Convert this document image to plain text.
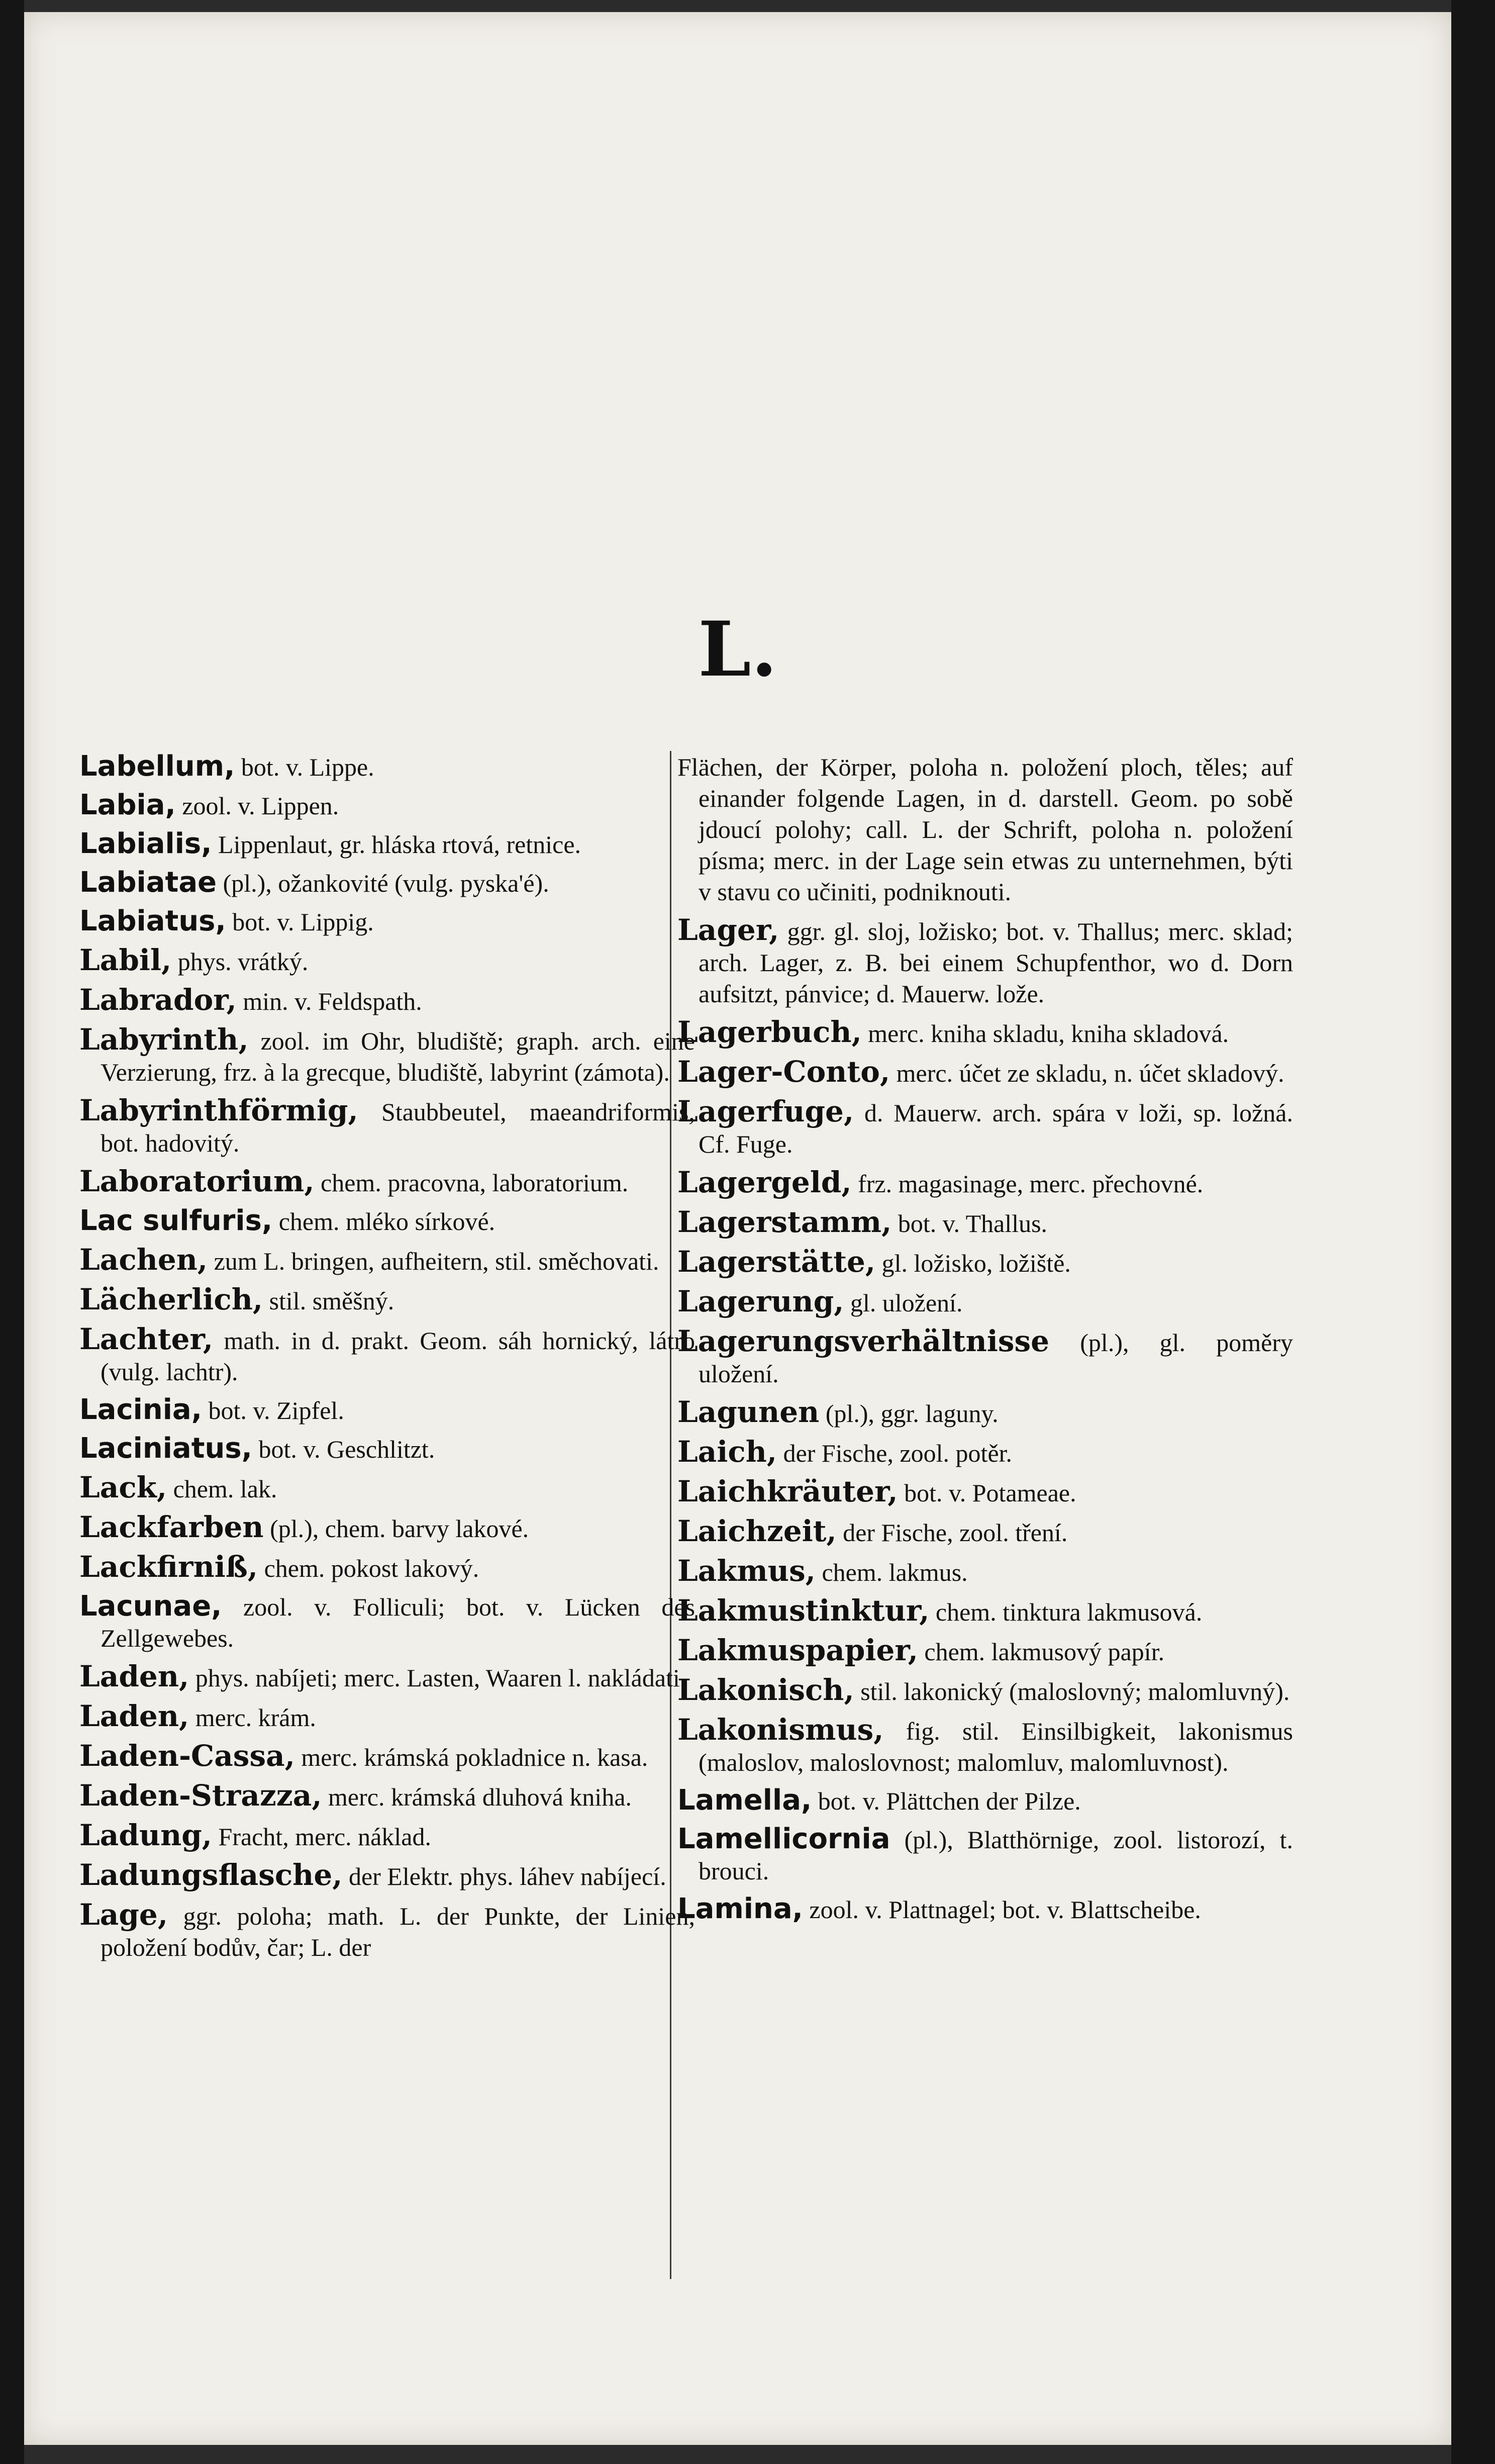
L.
Labellum, bot. v. Lippe.
Labia, zool. v. Lippen.
Labialis, Lippenlaut, gr. hláska rtová, retnice.
Labiatae (pl.), ožankovité (vulg. pyska'é).
Labiatus, bot. v. Lippig.
Labil, phys. vrátký.
Labrador, min. v. Feldspath.
Labyrinth, zool. im Ohr, bludiště; graph. arch. eine Verzierung, frz. à la grecque, bludiště, labyrint (zámota).
Labyrinthförmig, Staubbeutel, maeandriformis, bot. hadovitý.
Laboratorium, chem. pracovna, laboratorium.
Lac sulfuris, chem. mléko sírkové.
Lachen, zum L. bringen, aufheitern, stil. směchovati.
Lächerlich, stil. směšný.
Lachter, math. in d. prakt. Geom. sáh hornický, látro (vulg. lachtr).
Lacinia, bot. v. Zipfel.
Laciniatus, bot. v. Geschlitzt.
Lack, chem. lak.
Lackfarben (pl.), chem. barvy lakové.
Lackfirniß, chem. pokost lakový.
Lacunae, zool. v. Folliculi; bot. v. Lücken des Zellgewebes.
Laden, phys. nabíjeti; merc. Lasten, Waaren l. nakládati.
Laden, merc. krám.
Laden-Cassa, merc. krámská pokladnice n. kasa.
Laden-Strazza, merc. krámská dluhová kniha.
Ladung, Fracht, merc. náklad.
Ladungsflasche, der Elektr. phys. láhev nabíjecí.
Lage, ggr. poloha; math. L. der Punkte, der Linien, položení bodův, čar; L. der
Flächen, der Körper, poloha n. položení ploch, těles; auf einander folgende Lagen, in d. darstell. Geom. po sobě jdoucí polohy; call. L. der Schrift, poloha n. položení písma; merc. in der Lage sein etwas zu unternehmen, býti v stavu co učiniti, podniknouti.
Lager, ggr. gl. sloj, ložisko; bot. v. Thallus; merc. sklad; arch. Lager, z. B. bei einem Schupfenthor, wo d. Dorn aufsitzt, pánvice; d. Mauerw. lože.
Lagerbuch, merc. kniha skladu, kniha skladová.
Lager-Conto, merc. účet ze skladu, n. účet skladový.
Lagerfuge, d. Mauerw. arch. spára v loži, sp. ložná. Cf. Fuge.
Lagergeld, frz. magasinage, merc. přechovné.
Lagerstamm, bot. v. Thallus.
Lagerstätte, gl. ložisko, ložiště.
Lagerung, gl. uložení.
Lagerungsverhältnisse (pl.), gl. poměry uložení.
Lagunen (pl.), ggr. laguny.
Laich, der Fische, zool. potěr.
Laichkräuter, bot. v. Potameae.
Laichzeit, der Fische, zool. tření.
Lakmus, chem. lakmus.
Lakmustinktur, chem. tinktura lakmusová.
Lakmuspapier, chem. lakmusový papír.
Lakonisch, stil. lakonický (maloslovný; malomluvný).
Lakonismus, fig. stil. Einsilbigkeit, lakonismus (maloslov, maloslovnost; malomluv, malomluvnost).
Lamella, bot. v. Plättchen der Pilze.
Lamellicornia (pl.), Blatthörnige, zool. listorozí, t. brouci.
Lamina, zool. v. Plattnagel; bot. v. Blattscheibe.
